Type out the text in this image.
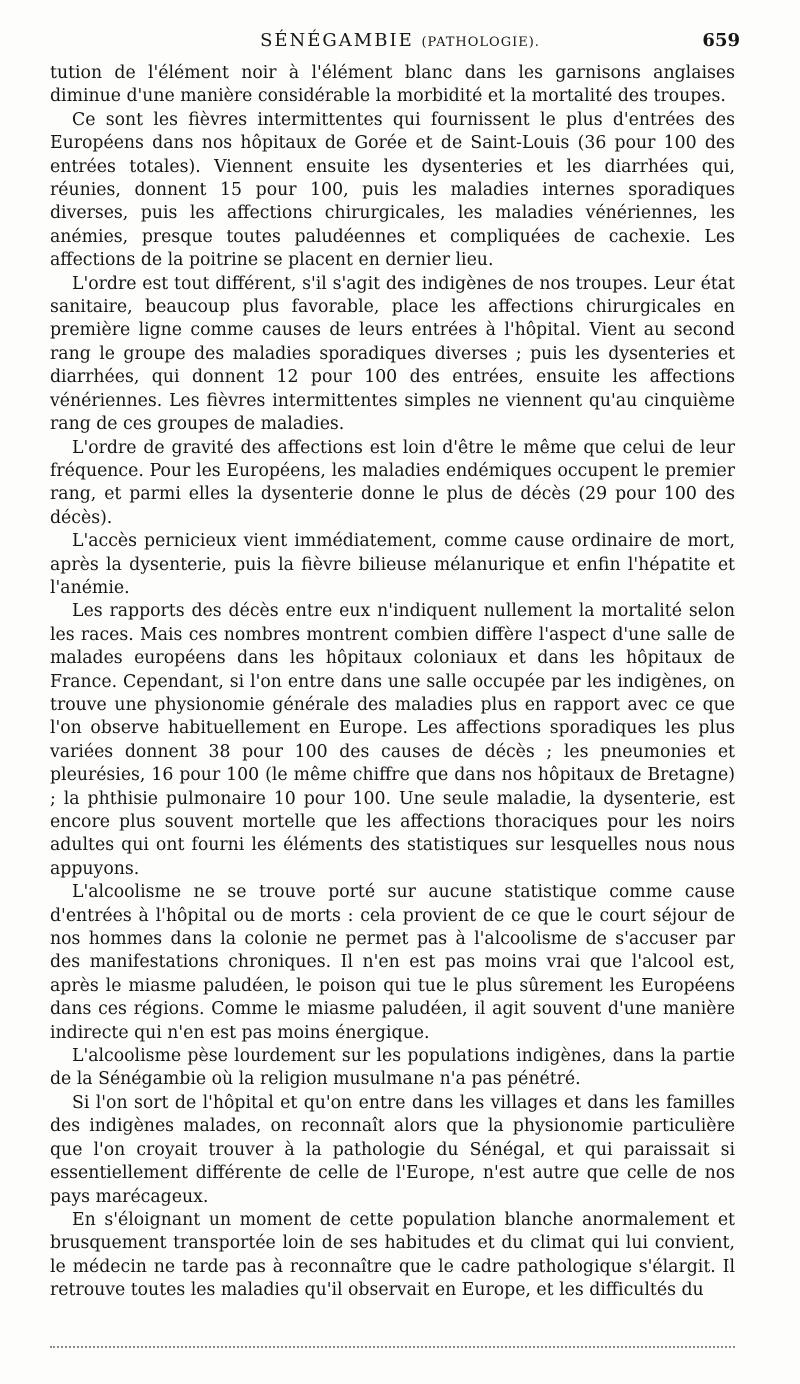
SÉNÉGAMBIE (PATHOLOGIE).	659

tution de l'élément noir à l'élément blanc dans les garnisons anglaises diminue d'une manière considérable la morbidité et la mortalité des troupes.

Ce sont les fièvres intermittentes qui fournissent le plus d'entrées des Européens dans nos hôpitaux de Gorée et de Saint-Louis (36 pour 100 des entrées totales). Viennent ensuite les dysenteries et les diarrhées qui, réunies, donnent 15 pour 100, puis les maladies internes sporadiques diverses, puis les affections chirurgicales, les maladies vénériennes, les anémies, presque toutes paludéennes et compliquées de cachexie. Les affections de la poitrine se placent en dernier lieu.

L'ordre est tout différent, s'il s'agit des indigènes de nos troupes. Leur état sanitaire, beaucoup plus favorable, place les affections chirurgicales en première ligne comme causes de leurs entrées à l'hôpital. Vient au second rang le groupe des maladies sporadiques diverses ; puis les dysenteries et diarrhées, qui donnent 12 pour 100 des entrées, ensuite les affections vénériennes. Les fièvres intermittentes simples ne viennent qu'au cinquième rang de ces groupes de maladies.

L'ordre de gravité des affections est loin d'être le même que celui de leur fréquence. Pour les Européens, les maladies endémiques occupent le premier rang, et parmi elles la dysenterie donne le plus de décès (29 pour 100 des décès).

L'accès pernicieux vient immédiatement, comme cause ordinaire de mort, après la dysenterie, puis la fièvre bilieuse mélanurique et enfin l'hépatite et l'anémie.

Les rapports des décès entre eux n'indiquent nullement la mortalité selon les races. Mais ces nombres montrent combien diffère l'aspect d'une salle de malades européens dans les hôpitaux coloniaux et dans les hôpitaux de France. Cependant, si l'on entre dans une salle occupée par les indigènes, on trouve une physionomie générale des maladies plus en rapport avec ce que l'on observe habituellement en Europe. Les affections sporadiques les plus variées donnent 38 pour 100 des causes de décès ; les pneumonies et pleurésies, 16 pour 100 (le même chiffre que dans nos hôpitaux de Bretagne) ; la phthisie pulmonaire 10 pour 100. Une seule maladie, la dysenterie, est encore plus souvent mortelle que les affections thoraciques pour les noirs adultes qui ont fourni les éléments des statistiques sur lesquelles nous nous appuyons.

L'alcoolisme ne se trouve porté sur aucune statistique comme cause d'entrées à l'hôpital ou de morts : cela provient de ce que le court séjour de nos hommes dans la colonie ne permet pas à l'alcoolisme de s'accuser par des manifestations chroniques. Il n'en est pas moins vrai que l'alcool est, après le miasme paludéen, le poison qui tue le plus sûrement les Européens dans ces régions. Comme le miasme paludéen, il agit souvent d'une manière indirecte qui n'en est pas moins énergique.

L'alcoolisme pèse lourdement sur les populations indigènes, dans la partie de la Sénégambie où la religion musulmane n'a pas pénétré.

Si l'on sort de l'hôpital et qu'on entre dans les villages et dans les familles des indigènes malades, on reconnaît alors que la physionomie particulière que l'on croyait trouver à la pathologie du Sénégal, et qui paraissait si essentiellement différente de celle de l'Europe, n'est autre que celle de nos pays marécageux.

En s'éloignant un moment de cette population blanche anormalement et brusquement transportée loin de ses habitudes et du climat qui lui convient, le médecin ne tarde pas à reconnaître que le cadre pathologique s'élargit. Il retrouve toutes les maladies qu'il observait en Europe, et les difficultés du
